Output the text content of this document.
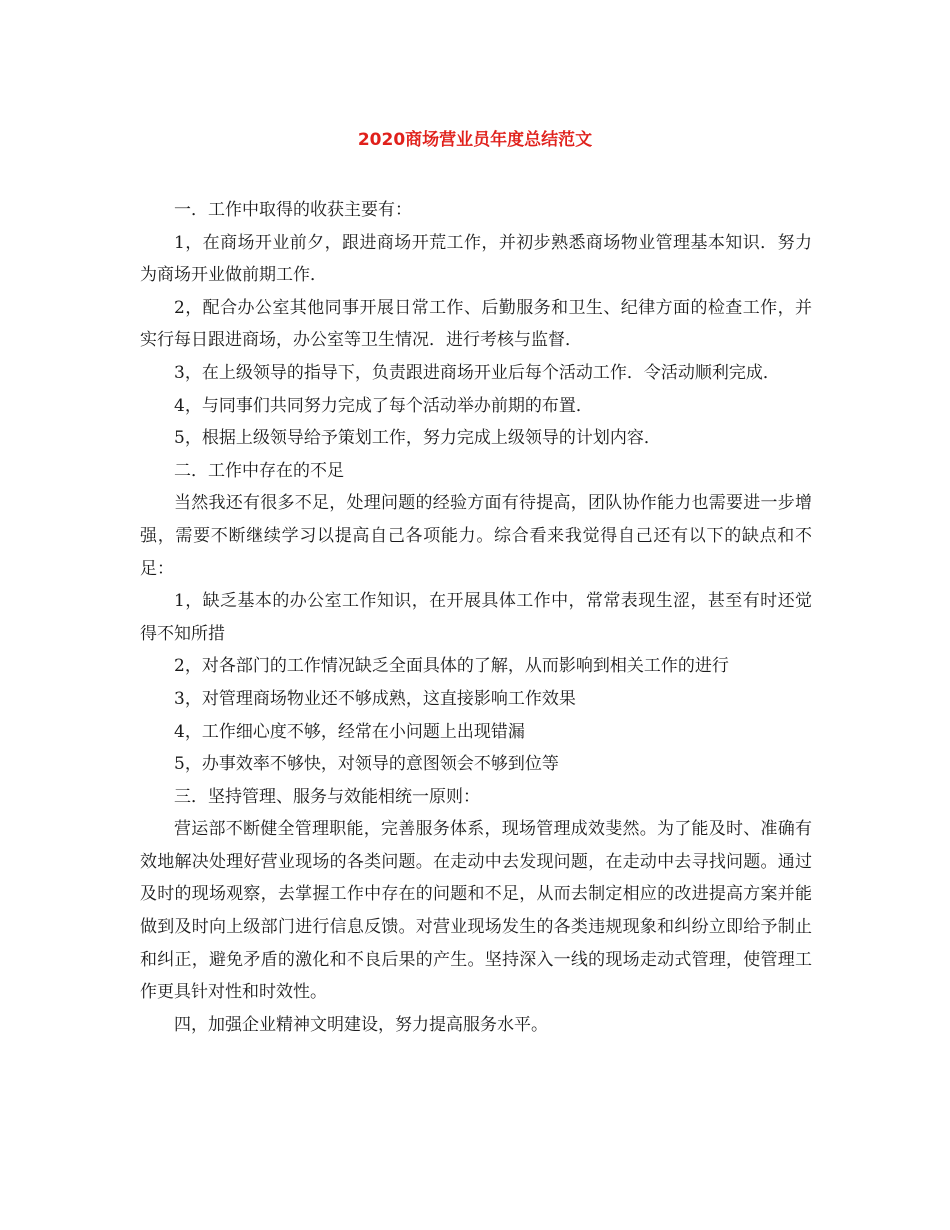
2020商场营业员年度总结范文

一．工作中取得的收获主要有：

1，在商场开业前夕，跟进商场开荒工作，并初步熟悉商场物业管理基本知识．努力为商场开业做前期工作．

2，配合办公室其他同事开展日常工作、后勤服务和卫生、纪律方面的检查工作，并实行每日跟进商场，办公室等卫生情况．进行考核与监督．

3，在上级领导的指导下，负责跟进商场开业后每个活动工作．令活动顺利完成．

4，与同事们共同努力完成了每个活动举办前期的布置．

5，根据上级领导给予策划工作，努力完成上级领导的计划内容．

二．工作中存在的不足

当然我还有很多不足，处理问题的经验方面有待提高，团队协作能力也需要进一步增强，需要不断继续学习以提高自己各项能力。综合看来我觉得自己还有以下的缺点和不足：

1，缺乏基本的办公室工作知识，在开展具体工作中，常常表现生涩，甚至有时还觉得不知所措

2，对各部门的工作情况缺乏全面具体的了解，从而影响到相关工作的进行

3，对管理商场物业还不够成熟，这直接影响工作效果

4，工作细心度不够，经常在小问题上出现错漏

5，办事效率不够快，对领导的意图领会不够到位等

三．坚持管理、服务与效能相统一原则：

营运部不断健全管理职能，完善服务体系，现场管理成效斐然。为了能及时、准确有效地解决处理好营业现场的各类问题。在走动中去发现问题，在走动中去寻找问题。通过及时的现场观察，去掌握工作中存在的问题和不足，从而去制定相应的改进提高方案并能做到及时向上级部门进行信息反馈。对营业现场发生的各类违规现象和纠纷立即给予制止和纠正，避免矛盾的激化和不良后果的产生。坚持深入一线的现场走动式管理，使管理工作更具针对性和时效性。

四，加强企业精神文明建设，努力提高服务水平。
